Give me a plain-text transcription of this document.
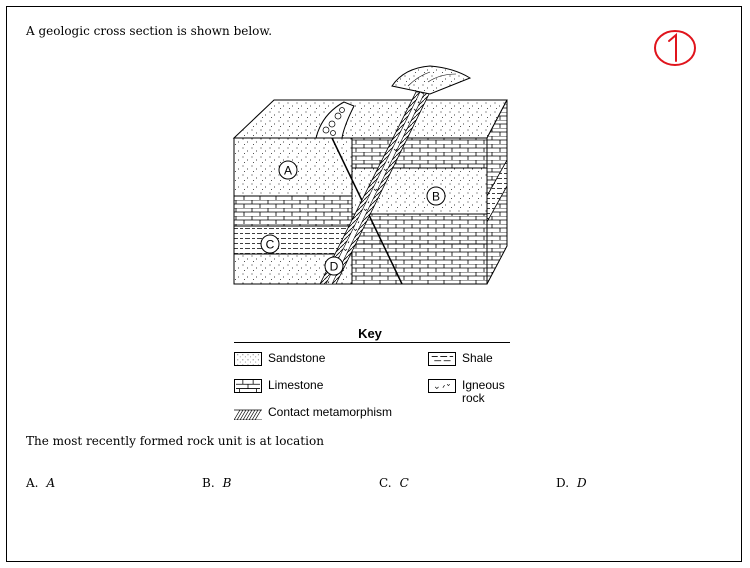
A geologic cross section is shown below.	1
A
B
C
D
Key
Sandstone	Shale
Limestone	Igneous rock
Contact metamorphism
The most recently formed rock unit is at location
A. A	B. B	C. C	D. D
